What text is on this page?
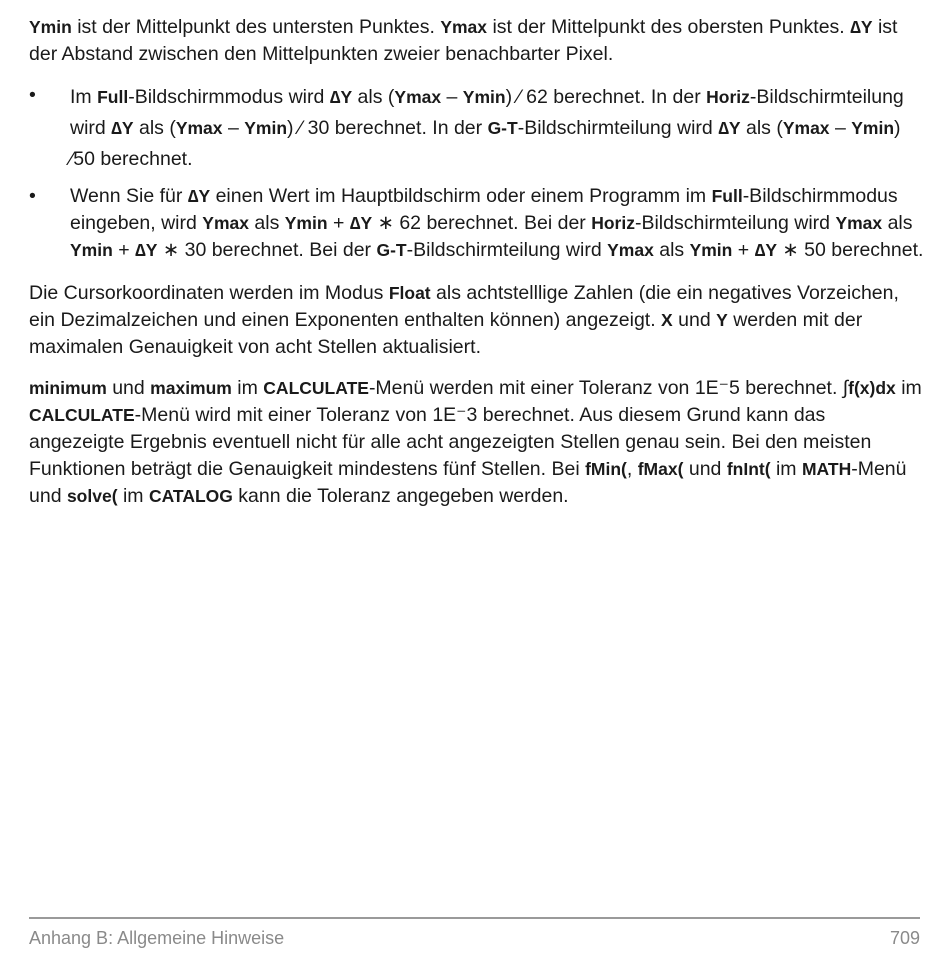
Ymin ist der Mittelpunkt des untersten Punktes. Ymax ist der Mittelpunkt des obersten Punktes. ∆Y ist der Abstand zwischen den Mittelpunkten zweier benachbarter Pixel.

• Im Full-Bildschirmmodus wird ∆Y als (Ymax – Ymin) ⁄ 62 berechnet. In der Horiz-Bildschirmteilung wird ∆Y als (Ymax – Ymin) ⁄ 30 berechnet. In der G-T-Bildschirmteilung wird ∆Y als (Ymax – Ymin) ⁄50 berechnet.

• Wenn Sie für ∆Y einen Wert im Hauptbildschirm oder einem Programm im Full-Bildschirmmodus eingeben, wird Ymax als Ymin + ∆Y ∗ 62 berechnet. Bei der Horiz-Bildschirmteilung wird Ymax als Ymin + ∆Y ∗ 30 berechnet. Bei der G-T-Bildschirmteilung wird Ymax als Ymin + ∆Y ∗ 50 berechnet.

Die Cursorkoordinaten werden im Modus Float als achtstelllige Zahlen (die ein negatives Vorzeichen, ein Dezimalzeichen und einen Exponenten enthalten können) angezeigt. X und Y werden mit der maximalen Genauigkeit von acht Stellen aktualisiert.

minimum und maximum im CALCULATE-Menü werden mit einer Toleranz von 1E⁻5 berechnet. ∫f(x)dx im CALCULATE-Menü wird mit einer Toleranz von 1E⁻3 berechnet. Aus diesem Grund kann das angezeigte Ergebnis eventuell nicht für alle acht angezeigten Stellen genau sein. Bei den meisten Funktionen beträgt die Genauigkeit mindestens fünf Stellen. Bei fMin(, fMax( und fnInt( im MATH-Menü und solve( im CATALOG kann die Toleranz angegeben werden.

Anhang B: Allgemeine Hinweise	709
